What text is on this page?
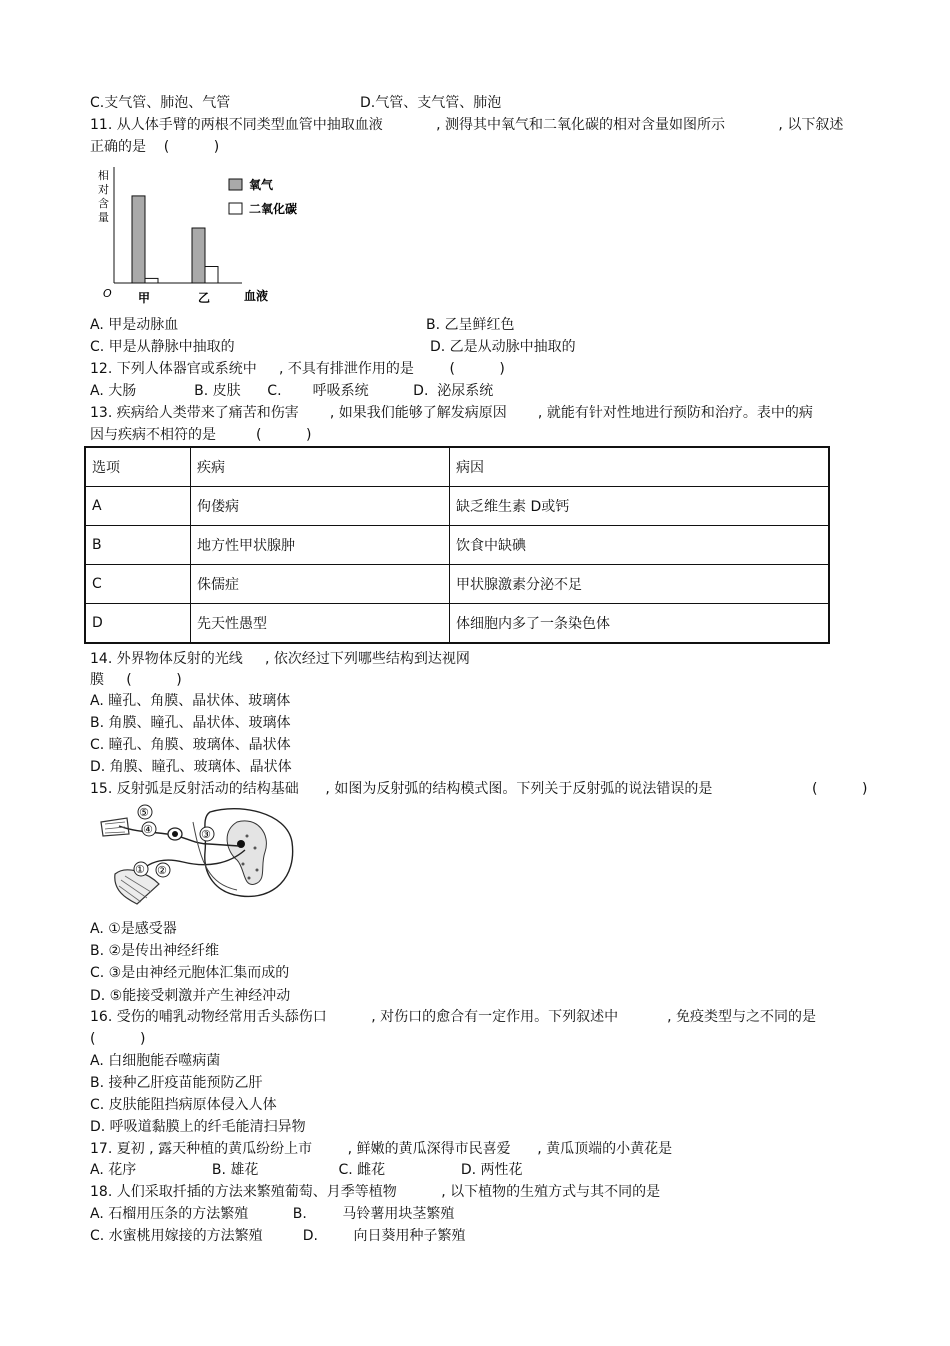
C.支气管、肺泡、气管	D.气管、支气管、肺泡
11. 从人体手臂的两根不同类型血管中抽取血液            , 测得其中氧气和二氧化碳的相对含量如图所示            , 以下叙述
正确的是    (          )
相
对
含
量
O 甲	乙	血液
氧气
二氧化碳
A. 甲是动脉血	B. 乙呈鲜红色
C. 甲是从静脉中抽取的	D. 乙是从动脉中抽取的
12. 下列人体器官或系统中     , 不具有排泄作用的是        (          )
A. 大肠             B. 皮肤      C.       呼吸系统          D.  泌尿系统
13. 疾病给人类带来了痛苦和伤害       , 如果我们能够了解发病原因       , 就能有针对性地进行预防和治疗。表中的病
因与疾病不相符的是         (          )
选项	疾病	病因
A	佝偻病	缺乏维生素 D或钙
B	地方性甲状腺肿	饮食中缺碘
C	侏儒症	甲状腺激素分泌不足
D	先天性愚型	体细胞内多了一条染色体
14. 外界物体反射的光线     , 依次经过下列哪些结构到达视网
膜     (          )
A. 瞳孔、角膜、晶状体、玻璃体
B. 角膜、瞳孔、晶状体、玻璃体
C. 瞳孔、角膜、玻璃体、晶状体
D. 角膜、瞳孔、玻璃体、晶状体
15. 反射弧是反射活动的结构基础      , 如图为反射弧的结构模式图。下列关于反射弧的说法错误的是	(          )
⑤
④	③
① ②
A. ①是感受器
B. ②是传出神经纤维
C. ③是由神经元胞体汇集而成的
D. ⑤能接受刺激并产生神经冲动
16. 受伤的哺乳动物经常用舌头舔伤口          , 对伤口的愈合有一定作用。下列叙述中           , 免疫类型与之不同的是
(          )
A. 白细胞能吞噬病菌
B. 接种乙肝疫苗能预防乙肝
C. 皮肤能阻挡病原体侵入人体
D. 呼吸道黏膜上的纤毛能清扫异物
17. 夏初 , 露天种植的黄瓜纷纷上市        , 鲜嫩的黄瓜深得市民喜爱      , 黄瓜顶端的小黄花是
A. 花序                 B. 雄花                  C. 雌花                 D. 两性花
18. 人们采取扦插的方法来繁殖葡萄、月季等植物          , 以下植物的生殖方式与其不同的是
A. 石榴用压条的方法繁殖          B.        马铃薯用块茎繁殖
C. 水蜜桃用嫁接的方法繁殖         D.        向日葵用种子繁殖
